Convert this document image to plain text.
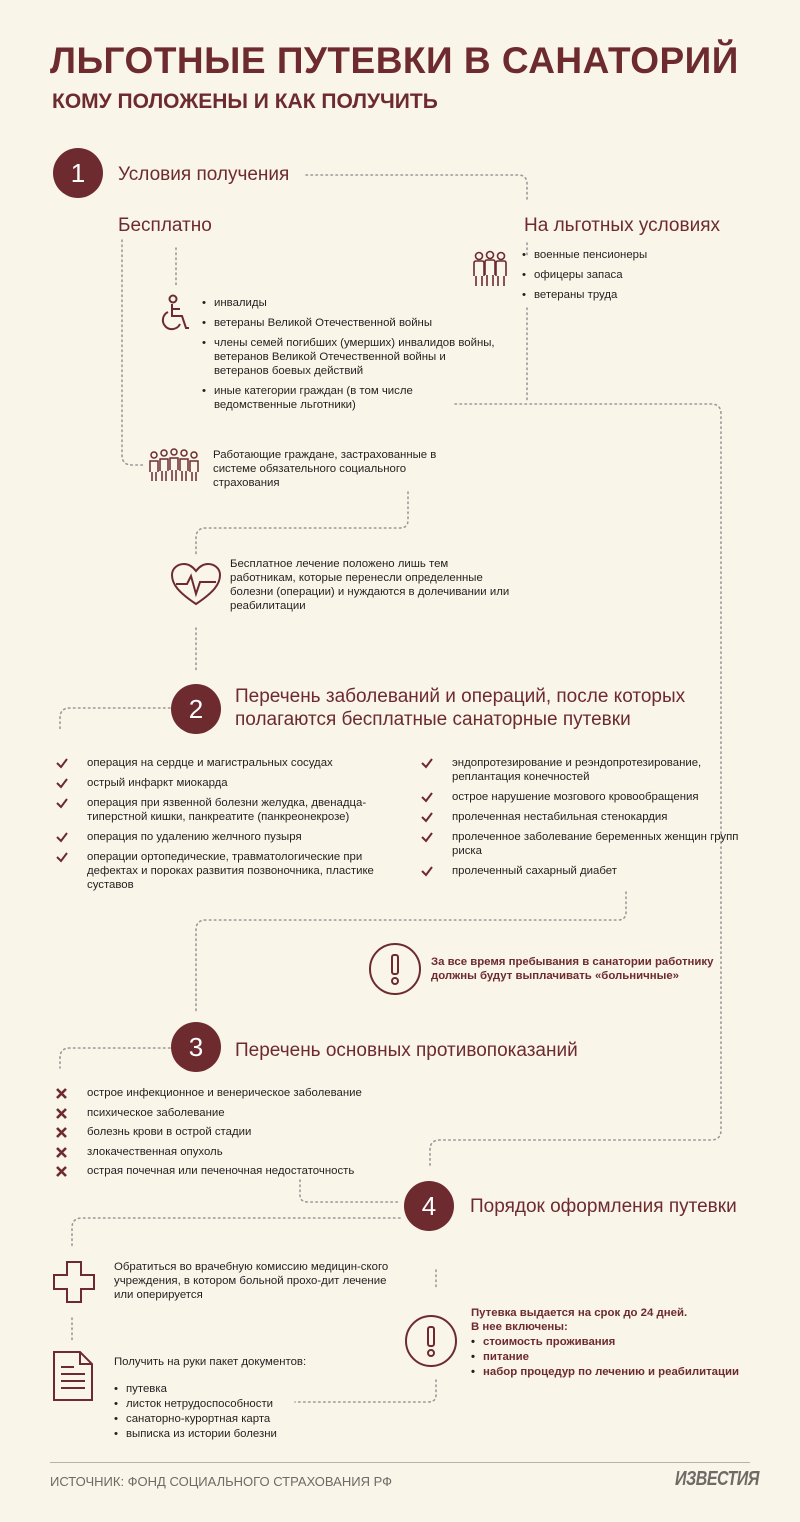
ЛЬГОТНЫЕ ПУТЕВКИ В САНАТОРИЙ
КОМУ ПОЛОЖЕНЫ И КАК ПОЛУЧИТЬ
1	Условия получения
Бесплатно	На льготных условиях
• военные пенсионеры
• офицеры запаса
• ветераны труда
• инвалиды
• ветераны Великой Отечественной войны
• члены семей погибших (умерших) инвалидов войны, ветеранов Великой Отечественной войны и ветеранов боевых действий
• иные категории граждан (в том числе ведомственные льготники)
Работающие граждане, застрахованные в системе обязательного социального страхования
Бесплатное лечение положено лишь тем работникам, которые перенесли определенные болезни (операции) и нуждаются в долечивании или реабилитации
2	Перечень заболеваний и операций, после которых
полагаются бесплатные санаторные путевки
операция на сердце и магистральных сосудах
острый инфаркт миокарда
операция при язвенной болезни желудка, двенадца-типерстной кишки, панкреатите (панкреонекрозе)
операция по удалению желчного пузыря
операции ортопедические, травматологические при дефектах и пороках развития позвоночника, пластике суставов
эндопротезирование и реэндопротезирование, реплантация конечностей
острое нарушение мозгового кровообращения
пролеченная нестабильная стенокардия
пролеченное заболевание беременных женщин групп риска
пролеченный сахарный диабет
За все время пребывания в санатории работнику должны будут выплачивать «больничные»
3	Перечень основных противопоказаний
острое инфекционное и венерическое заболевание
психическое заболевание
болезнь крови в острой стадии
злокачественная опухоль
острая почечная или печеночная недостаточность
4	Порядок оформления путевки
Обратиться во врачебную комиссию медицин-ского учреждения, в котором больной прохо-дит лечение или оперируется
Получить на руки пакет документов:
• путевка
• листок нетрудоспособности
• санаторно-курортная карта
• выписка из истории болезни
Путевка выдается на срок до 24 дней.
В нее включены:
• стоимость проживания
• питание
• набор процедур по лечению и реабилитации
ИСТОЧНИК: ФОНД СОЦИАЛЬНОГО СТРАХОВАНИЯ РФ	ИЗВЕСТИЯ
